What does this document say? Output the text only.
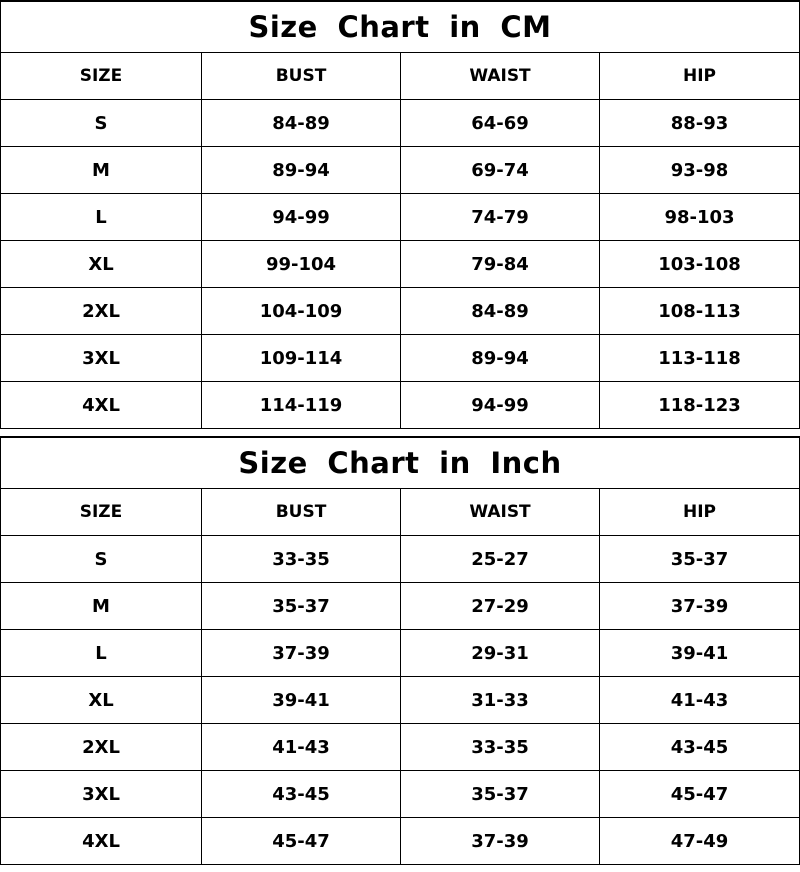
Size Chart in CM			
SIZE	BUST	WAIST	HIP
S	84-89	64-69	88-93
M	89-94	69-74	93-98
L	94-99	74-79	98-103
XL	99-104	79-84	103-108
2XL	104-109	84-89	108-113
3XL	109-114	89-94	113-118
4XL	114-119	94-99	118-123
Size Chart in Inch			
SIZE	BUST	WAIST	HIP
S	33-35	25-27	35-37
M	35-37	27-29	37-39
L	37-39	29-31	39-41
XL	39-41	31-33	41-43
2XL	41-43	33-35	43-45
3XL	43-45	35-37	45-47
4XL	45-47	37-39	47-49
